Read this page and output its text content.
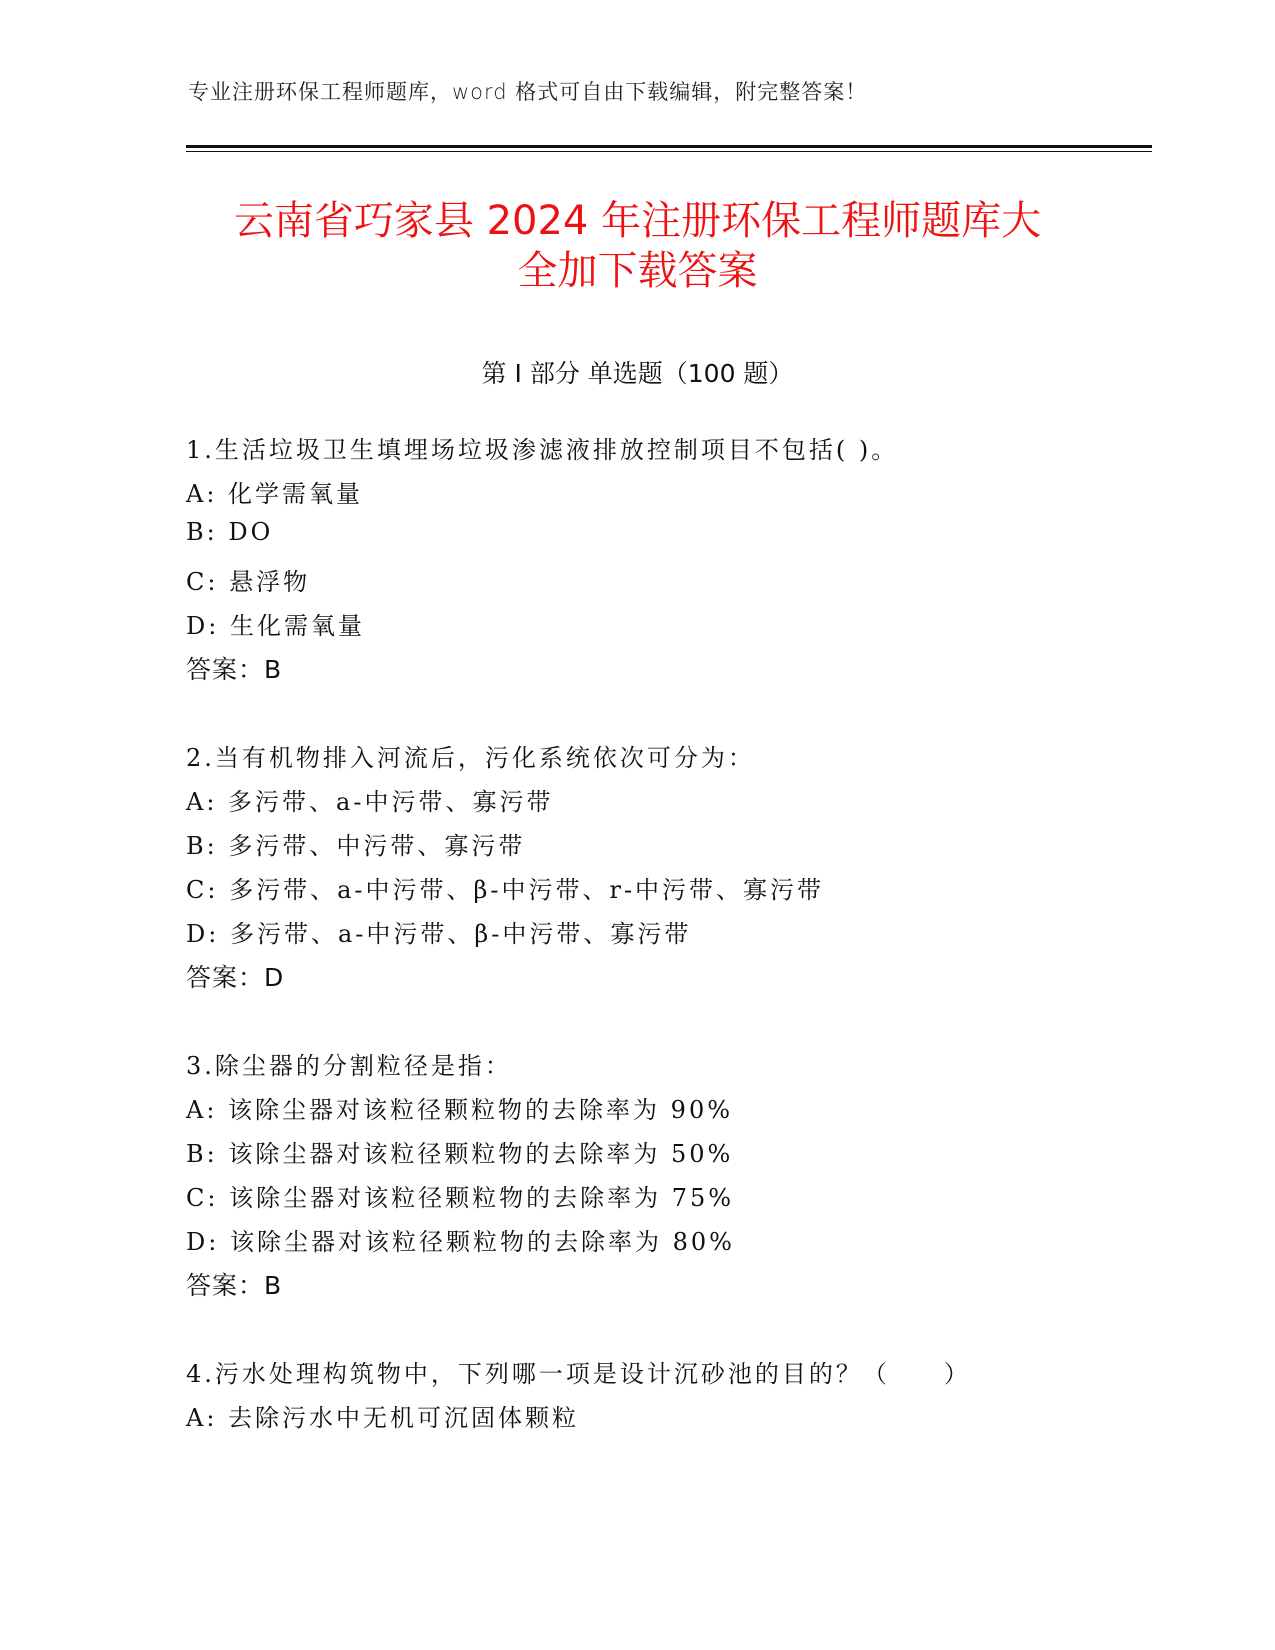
专业注册环保工程师题库，word 格式可自由下载编辑，附完整答案！
云南省巧家县 2024 年注册环保工程师题库大
全加下载答案
第 I 部分 单选题（100 题）
1.生活垃圾卫生填埋场垃圾渗滤液排放控制项目不包括( )。
A: 化学需氧量
B: DO
C: 悬浮物
D: 生化需氧量
答案：B
2.当有机物排入河流后，污化系统依次可分为：
A: 多污带、a-中污带、寡污带
B: 多污带、中污带、寡污带
C: 多污带、a-中污带、β-中污带、r-中污带、寡污带
D: 多污带、a-中污带、β-中污带、寡污带
答案：D
3.除尘器的分割粒径是指：
A: 该除尘器对该粒径颗粒物的去除率为 90%
B: 该除尘器对该粒径颗粒物的去除率为 50%
C: 该除尘器对该粒径颗粒物的去除率为 75%
D: 该除尘器对该粒径颗粒物的去除率为 80%
答案：B
4.污水处理构筑物中，下列哪一项是设计沉砂池的目的？（　　）
A: 去除污水中无机可沉固体颗粒
